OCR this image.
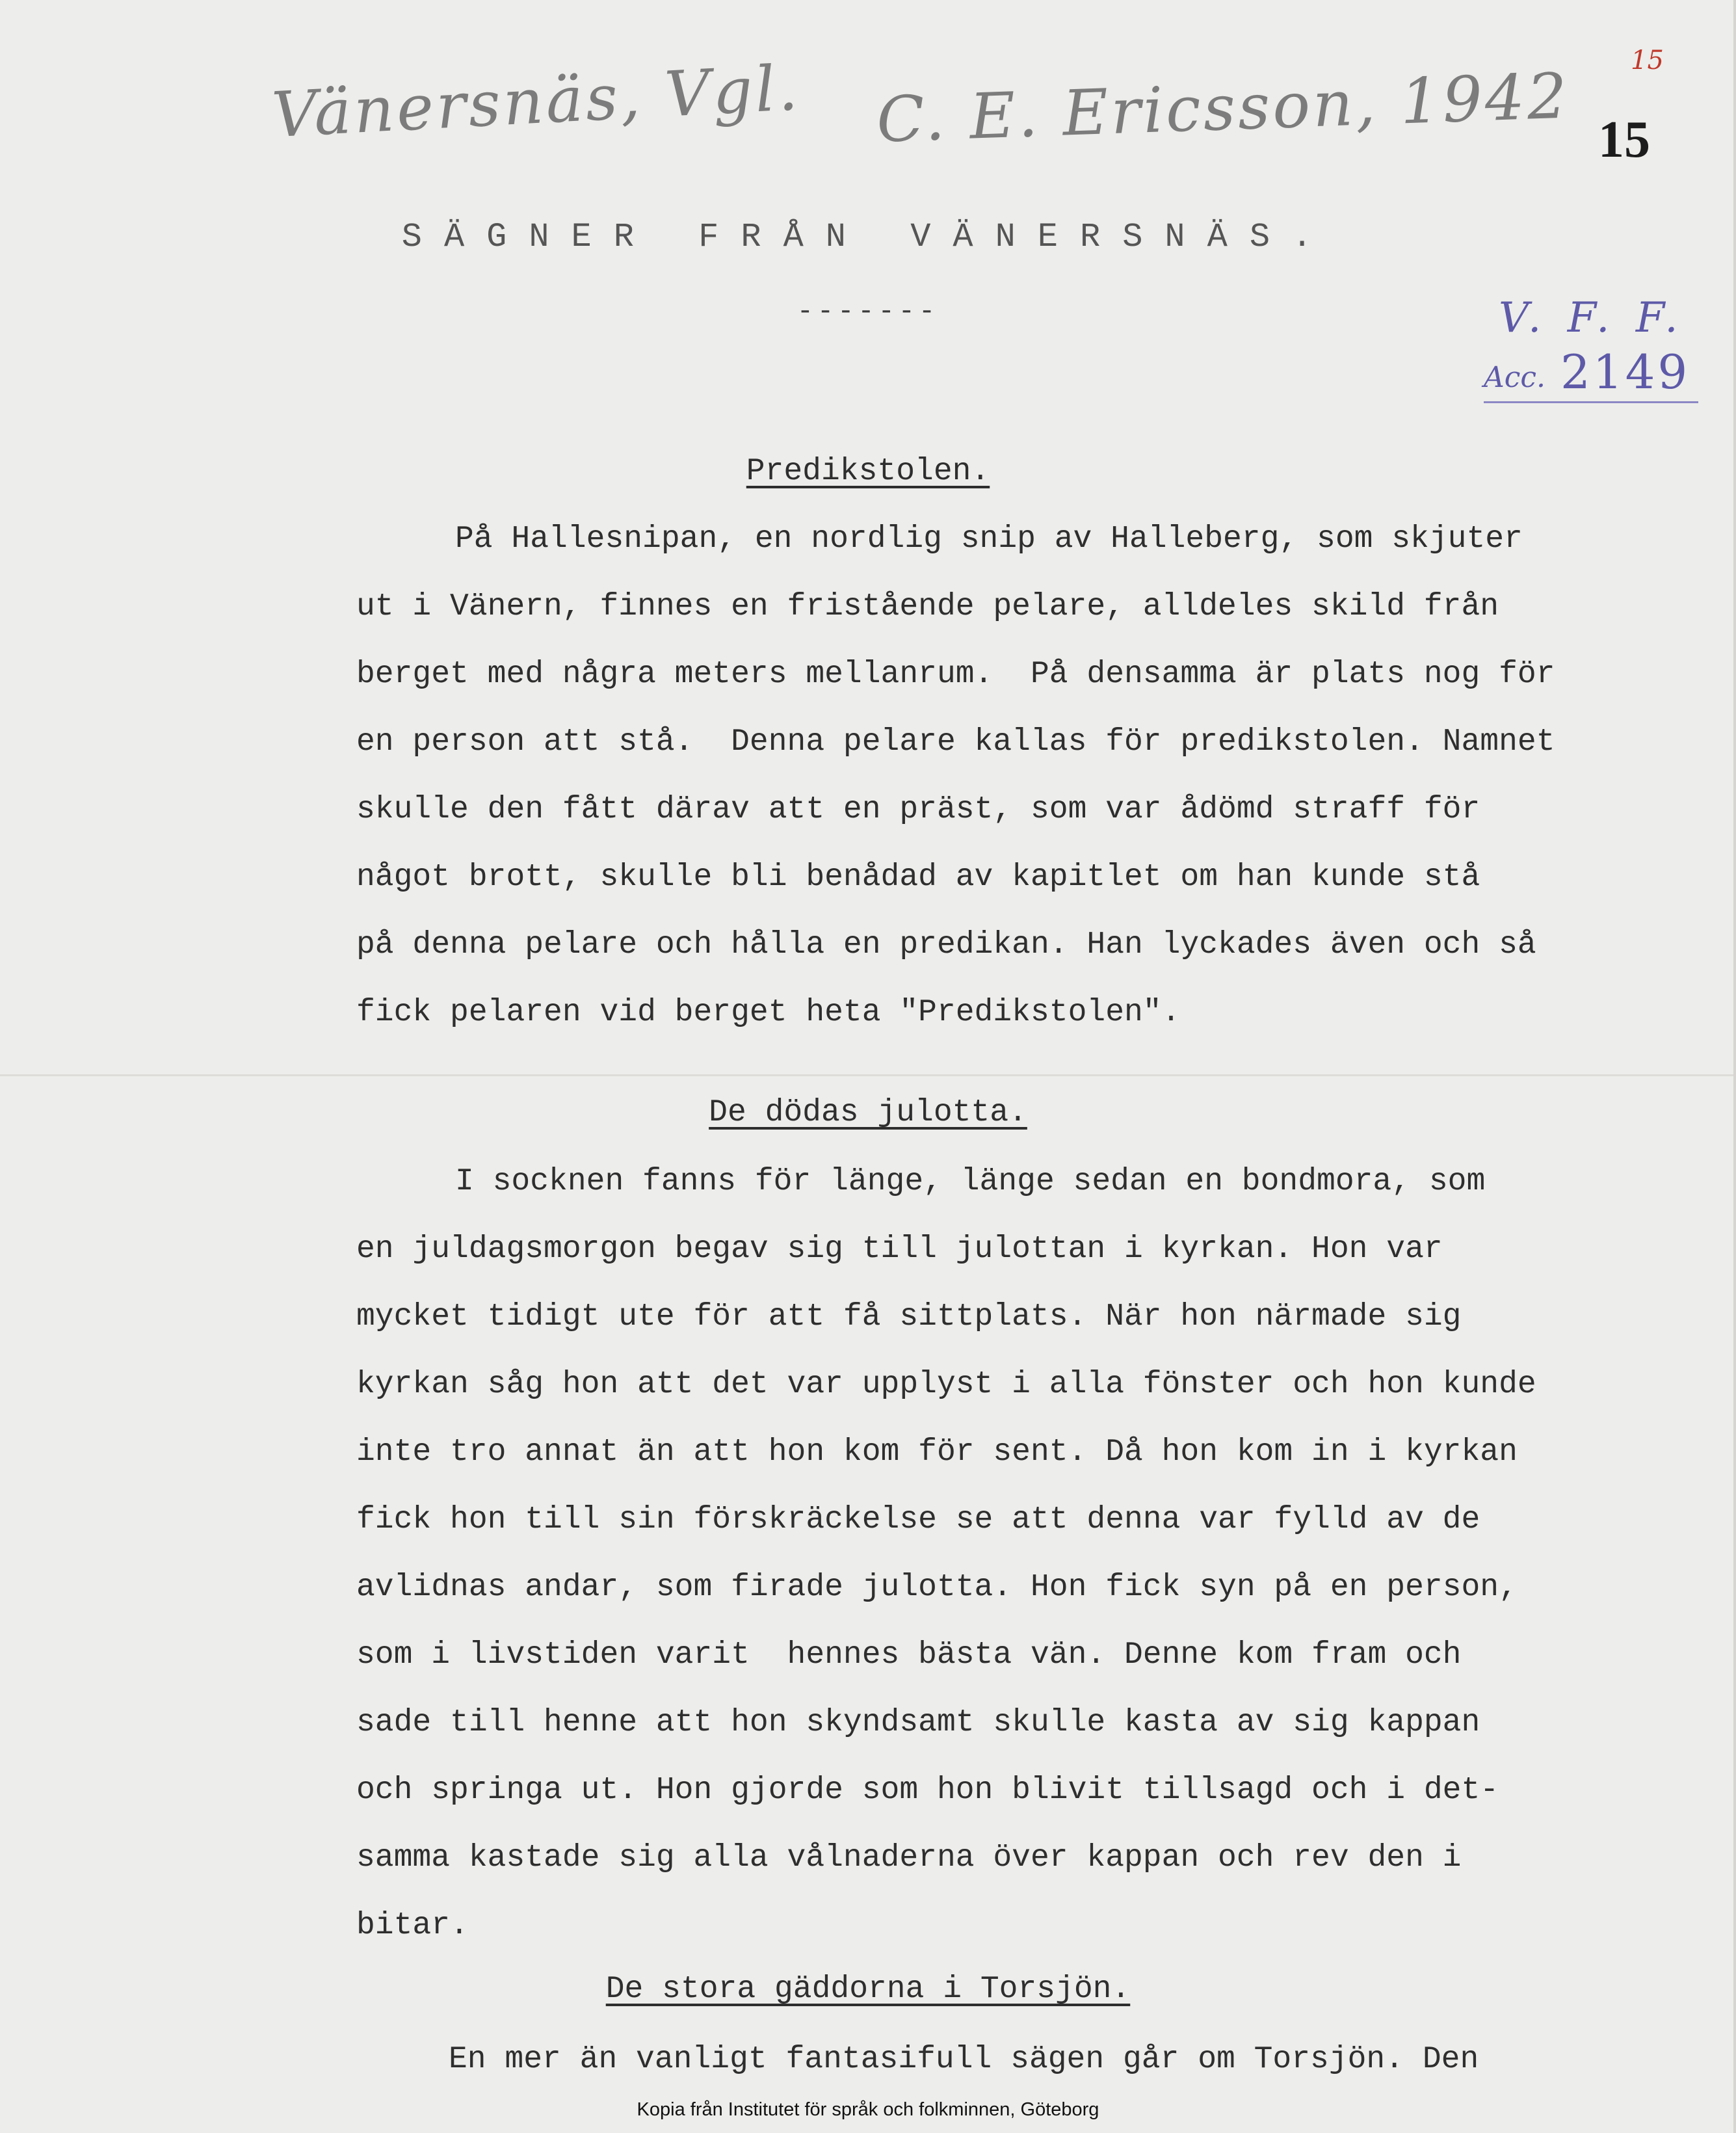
Vänersnäs, Vgl. C. E. Ericsson, 1942 15
15
V. F. F.
Acc. 2149
SÄGNER FRÅN VÄNERSNÄS.
-------
Predikstolen.
På Hallesnipan, en nordlig snip av Halleberg, som skjuter
ut i Vänern, finnes en fristående pelare, alldeles skild från
berget med några meters mellanrum.  På densamma är plats nog för
en person att stå.  Denna pelare kallas för predikstolen. Namnet
skulle den fått därav att en präst, som var ådömd straff för
något brott, skulle bli benådad av kapitlet om han kunde stå
på denna pelare och hålla en predikan. Han lyckades även och så
fick pelaren vid berget heta "Predikstolen".
De dödas julotta.
I socknen fanns för länge, länge sedan en bondmora, som
en juldagsmorgon begav sig till julottan i kyrkan. Hon var
mycket tidigt ute för att få sittplats. När hon närmade sig
kyrkan såg hon att det var upplyst i alla fönster och hon kunde
inte tro annat än att hon kom för sent. Då hon kom in i kyrkan
fick hon till sin förskräckelse se att denna var fylld av de
avlidnas andar, som firade julotta. Hon fick syn på en person,
som i livstiden varit  hennes bästa vän. Denne kom fram och
sade till henne att hon skyndsamt skulle kasta av sig kappan
och springa ut. Hon gjorde som hon blivit tillsagd och i det-
samma kastade sig alla vålnaderna över kappan och rev den i
bitar.
De stora gäddorna i Torsjön.
En mer än vanligt fantasifull sägen går om Torsjön. Den
Kopia från Institutet för språk och folkminnen, Göteborg
